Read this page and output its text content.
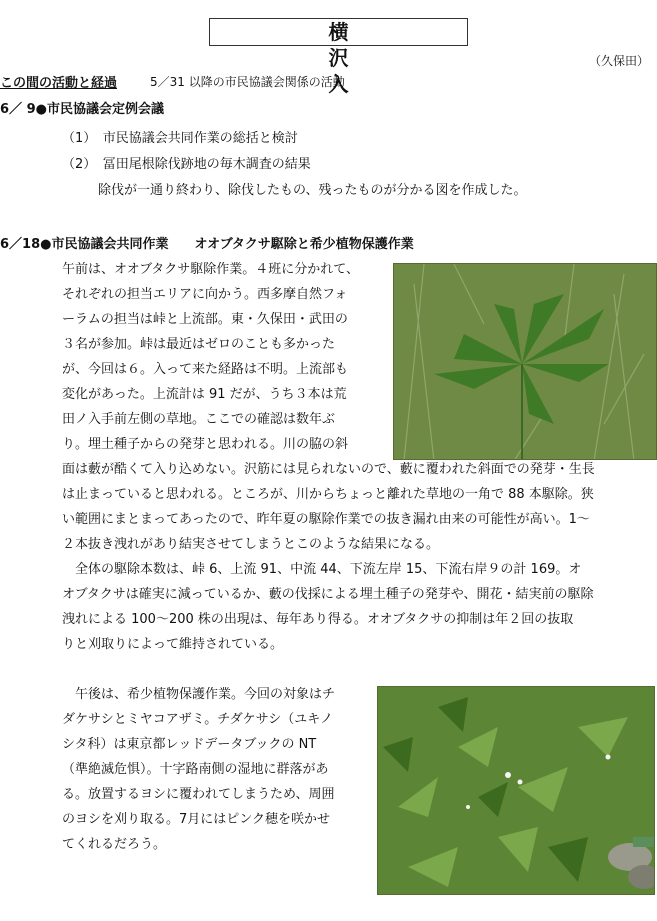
横　沢　入
（久保田）
この間の活動と経過	5／31 以降の市民協議会関係の活動
6／ 9●市民協議会定例会議
（1）　市民協議会共同作業の総括と検討
（2）　冨田尾根除伐跡地の毎木調査の結果
除伐が一通り終わり、除伐したもの、残ったものが分かる図を作成した。
6／18●市民協議会共同作業　　オオブタクサ駆除と希少植物保護作業
午前は、オオブタクサ駆除作業。４班に分かれて、
それぞれの担当エリアに向かう。西多摩自然フォ
ーラムの担当は峠と上流部。東・久保田・武田の
３名が参加。峠は最近はゼロのことも多かった
が、今回は６。入って来た経路は不明。上流部も
変化があった。上流計は 91 だが、うち３本は荒
田ノ入手前左側の草地。ここでの確認は数年ぶ
り。埋土種子からの発芽と思われる。川の脇の斜
面は藪が酷くて入り込めない。沢筋には見られないので、藪に覆われた斜面での発芽・生長
は止まっていると思われる。ところが、川からちょっと離れた草地の一角で 88 本駆除。狭
い範囲にまとまってあったので、昨年夏の駆除作業での抜き漏れ由来の可能性が高い。1～
２本抜き洩れがあり結実させてしまうとこのような結果になる。
　全体の駆除本数は、峠 6、上流 91、中流 44、下流左岸 15、下流右岸９の計 169。オ
オブタクサは確実に減っているか、藪の伐採による埋土種子の発芽や、開花・結実前の駆除
洩れによる 100～200 株の出現は、毎年あり得る。オオブタクサの抑制は年２回の抜取
りと刈取りによって維持されている。
　午後は、希少植物保護作業。今回の対象はチ
ダケサシとミヤコアザミ。チダケサシ（ユキノ
シタ科）は東京都レッドデータブックの NT
（準絶滅危惧）。十字路南側の湿地に群落があ
る。放置するヨシに覆われてしまうため、周囲
のヨシを刈り取る。7月にはピンク穂を咲かせ
てくれるだろう。
